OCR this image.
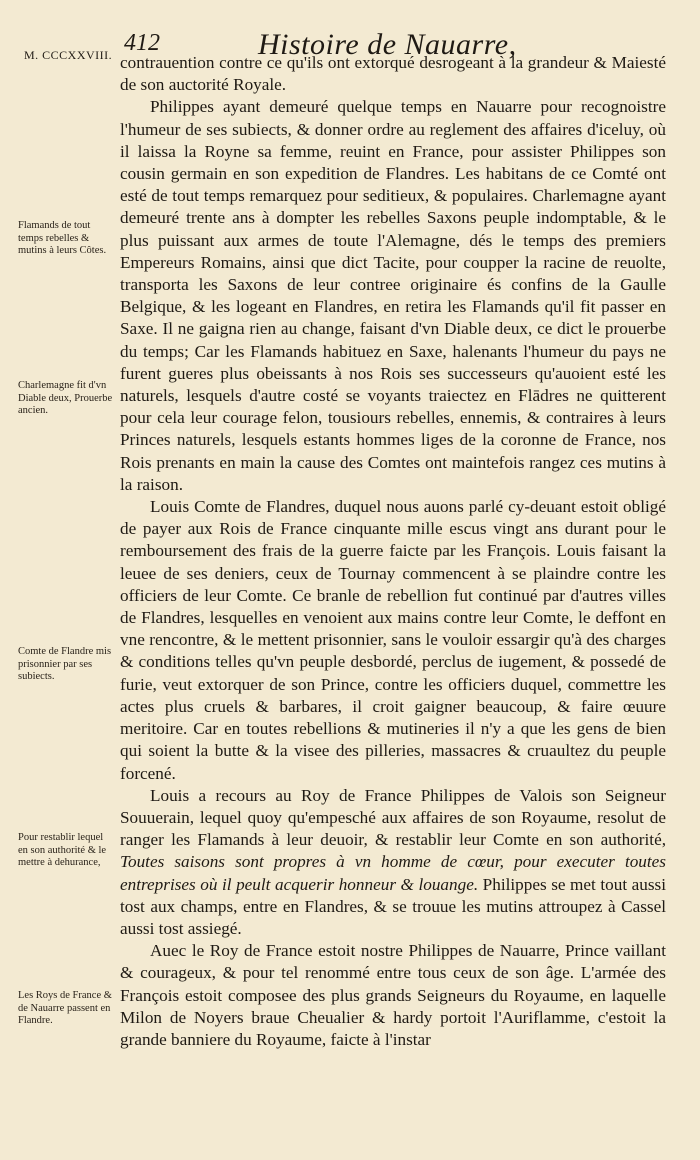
412	Histoire de Nauarre,
M. CCCXXVIII.
Flamands de tout temps rebelles & mutins à leurs Côtes.
Charlemagne fit d'vn Diable deux, Prouerbe ancien.
Comte de Flandre mis prisonnier par ses subiects.
Pour restablir lequel en son authorité & le mettre à dehurance,
Les Roys de France & de Nauarre passent en Flandre.

contrauention contre ce qu'ils ont extorqué desrogeant à la grandeur & Maiesté de son auctorité Royale.

Philippes ayant demeuré quelque temps en Nauarre pour recognoistre l'humeur de ses subiects, & donner ordre au reglement des affaires d'iceluy, où il laissa la Royne sa femme, reuint en France, pour assister Philippes son cousin germain en son expedition de Flandres. Les habitans de ce Comté ont esté de tout temps remarquez pour seditieux, & populaires. Charlemagne ayant demeuré trente ans à dompter les rebelles Saxons peuple indomptable, & le plus puissant aux armes de toute l'Alemagne, dés le temps des premiers Empereurs Romains, ainsi que dict Tacite, pour coupper la racine de reuolte, transporta les Saxons de leur contree originaire és confins de la Gaulle Belgique, & les logeant en Flandres, en retira les Flamands qu'il fit passer en Saxe. Il ne gaigna rien au change, faisant d'vn Diable deux, ce dict le prouerbe du temps; Car les Flamands habituez en Saxe, halenants l'humeur du pays ne furent gueres plus obeissants à nos Rois ses successeurs qu'auoient esté les naturels, lesquels d'autre costé se voyants traiectez en Flādres ne quitterent pour cela leur courage felon, tousiours rebelles, ennemis, & contraires à leurs Princes naturels, lesquels estants hommes liges de la coronne de France, nos Rois prenants en main la cause des Comtes ont maintefois rangez ces mutins à la raison.

Louis Comte de Flandres, duquel nous auons parlé cy-deuant estoit obligé de payer aux Rois de France cinquante mille escus vingt ans durant pour le remboursement des frais de la guerre faicte par les François. Louis faisant la leuee de ses deniers, ceux de Tournay commencent à se plaindre contre les officiers de leur Comte. Ce branle de rebellion fut continué par d'autres villes de Flandres, lesquelles en venoient aux mains contre leur Comte, le deffont en vne rencontre, & le mettent prisonnier, sans le vouloir essargir qu'à des charges & conditions telles qu'vn peuple desbordé, perclus de iugement, & possedé de furie, veut extorquer de son Prince, contre les officiers duquel, commettre les actes plus cruels & barbares, il croit gaigner beaucoup, & faire œuure meritoire. Car en toutes rebellions & mutineries il n'y a que les gens de bien qui soient la butte & la visee des pilleries, massacres & cruaultez du peuple forcené.

Louis a recours au Roy de France Philippes de Valois son Seigneur Souuerain, lequel quoy qu'empesché aux affaires de son Royaume, resolut de ranger les Flamands à leur deuoir, & restablir leur Comte en son authorité, Toutes saisons sont propres à vn homme de cœur, pour executer toutes entreprises où il peult acquerir honneur & louange. Philippes se met tout aussi tost aux champs, entre en Flandres, & se trouue les mutins attroupez à Cassel aussi tost assiegé.

Auec le Roy de France estoit nostre Philippes de Nauarre, Prince vaillant & courageux, & pour tel renommé entre tous ceux de son âge. L'armée des François estoit composee des plus grands Seigneurs du Royaume, en laquelle Milon de Noyers braue Cheualier & hardy portoit l'Auriflamme, c'estoit la grande banniere du Royaume, faicte à l'instar
